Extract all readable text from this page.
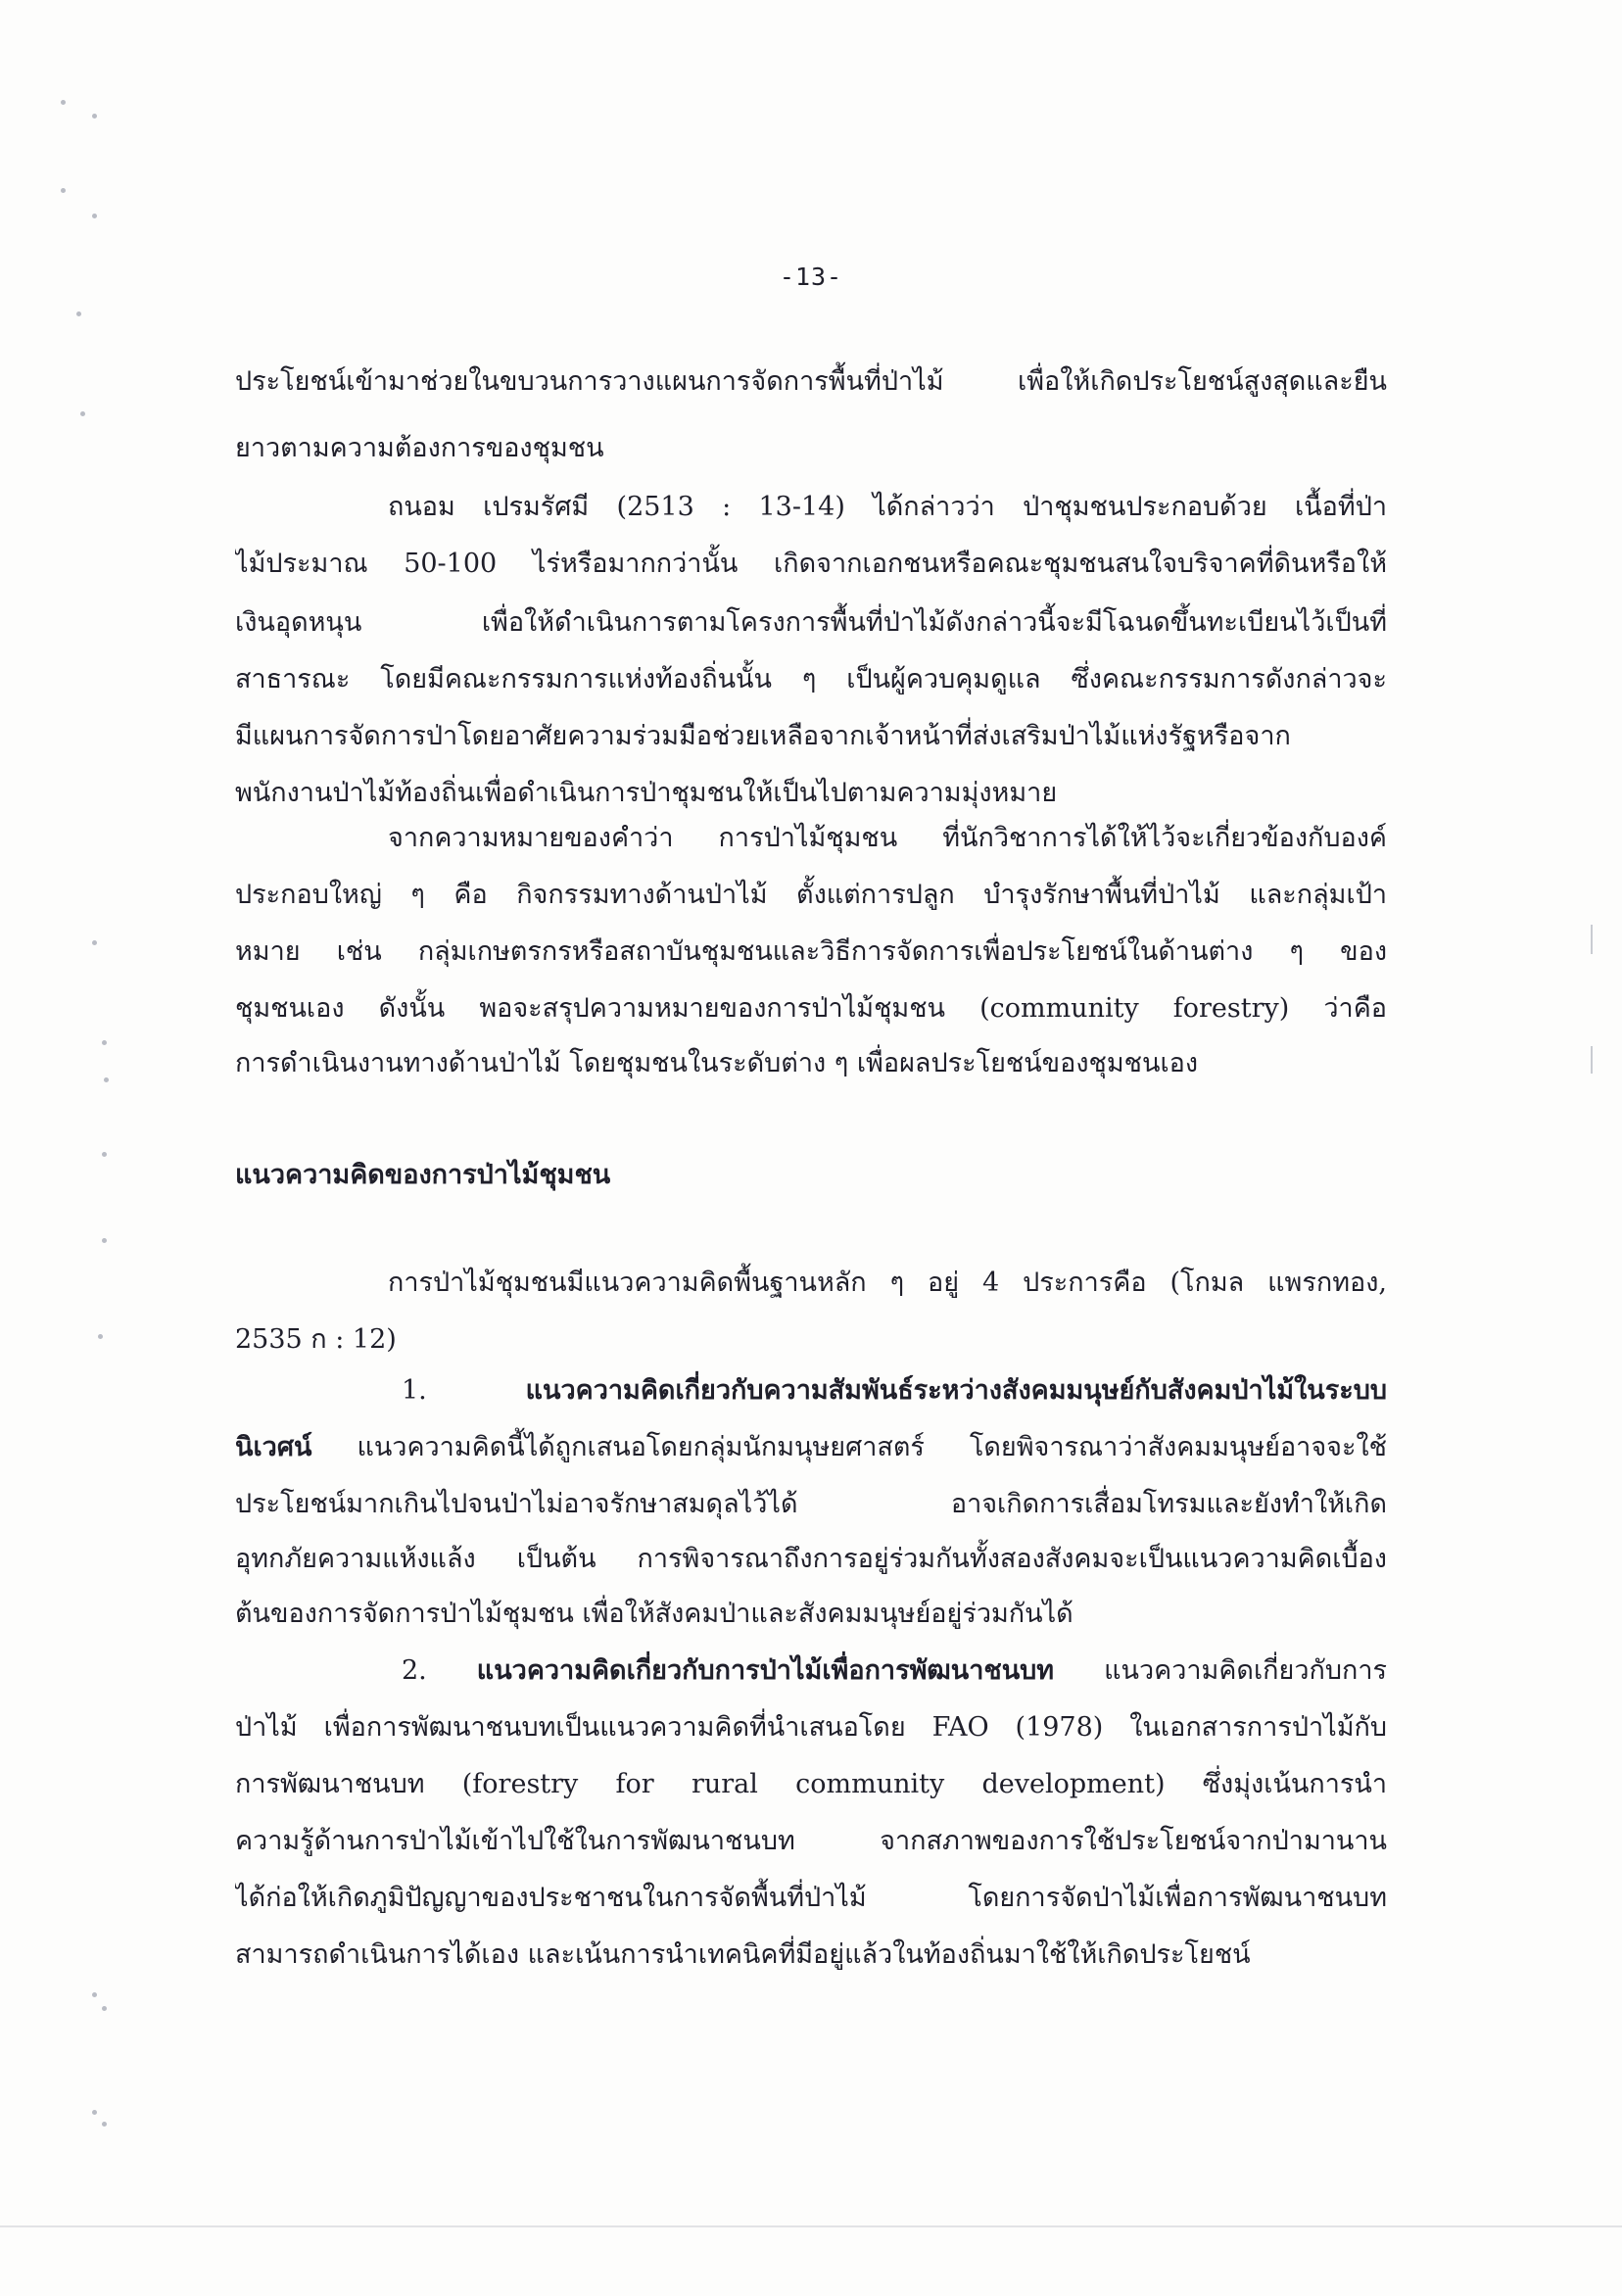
-13-
ประโยชน์เข้ามาช่วยในขบวนการวางแผนการจัดการพื้นที่ป่าไม้ เพื่อให้เกิดประโยชน์สูงสุดและยืน
ยาวตามความต้องการของชุมชน
ถนอม เปรมรัศมี (2513 : 13-14) ได้กล่าวว่า ป่าชุมชนประกอบด้วย เนื้อที่ป่า
ไม้ประมาณ 50-100 ไร่หรือมากกว่านั้น เกิดจากเอกชนหรือคณะชุมชนสนใจบริจาคที่ดินหรือให้
เงินอุดหนุน เพื่อให้ดำเนินการตามโครงการพื้นที่ป่าไม้ดังกล่าวนี้จะมีโฉนดขึ้นทะเบียนไว้เป็นที่
สาธารณะ โดยมีคณะกรรมการแห่งท้องถิ่นนั้น ๆ เป็นผู้ควบคุมดูแล ซึ่งคณะกรรมการดังกล่าวจะ
มีแผนการจัดการป่าโดยอาศัยความร่วมมือช่วยเหลือจากเจ้าหน้าที่ส่งเสริมป่าไม้แห่งรัฐหรือจาก
พนักงานป่าไม้ท้องถิ่นเพื่อดำเนินการป่าชุมชนให้เป็นไปตามความมุ่งหมาย
จากความหมายของคำว่า การป่าไม้ชุมชน ที่นักวิชาการได้ให้ไว้จะเกี่ยวข้องกับองค์
ประกอบใหญ่ ๆ คือ กิจกรรมทางด้านป่าไม้ ตั้งแต่การปลูก บำรุงรักษาพื้นที่ป่าไม้ และกลุ่มเป้า
หมาย เช่น กลุ่มเกษตรกรหรือสถาบันชุมชนและวิธีการจัดการเพื่อประโยชน์ในด้านต่าง ๆ ของ
ชุมชนเอง ดังนั้น พอจะสรุปความหมายของการป่าไม้ชุมชน (community forestry) ว่าคือ
การดำเนินงานทางด้านป่าไม้ โดยชุมชนในระดับต่าง ๆ เพื่อผลประโยชน์ของชุมชนเอง
แนวความคิดของการป่าไม้ชุมชน
การป่าไม้ชุมชนมีแนวความคิดพื้นฐานหลัก ๆ อยู่ 4 ประการคือ (โกมล แพรกทอง,
2535 ก : 12)
1.	แนวความคิดเกี่ยวกับความสัมพันธ์ระหว่างสังคมมนุษย์กับสังคมป่าไม้ในระบบ
นิเวศน์ แนวความคิดนี้ได้ถูกเสนอโดยกลุ่มนักมนุษยศาสตร์ โดยพิจารณาว่าสังคมมนุษย์อาจจะใช้
ประโยชน์มากเกินไปจนป่าไม่อาจรักษาสมดุลไว้ได้ อาจเกิดการเสื่อมโทรมและยังทำให้เกิด
อุทกภัยความแห้งแล้ง เป็นต้น การพิจารณาถึงการอยู่ร่วมกันทั้งสองสังคมจะเป็นแนวความคิดเบื้อง
ต้นของการจัดการป่าไม้ชุมชน เพื่อให้สังคมป่าและสังคมมนุษย์อยู่ร่วมกันได้
2. แนวความคิดเกี่ยวกับการป่าไม้เพื่อการพัฒนาชนบท แนวความคิดเกี่ยวกับการ
ป่าไม้ เพื่อการพัฒนาชนบทเป็นแนวความคิดที่นำเสนอโดย FAO (1978) ในเอกสารการป่าไม้กับ
การพัฒนาชนบท (forestry for rural community development) ซึ่งมุ่งเน้นการนำ
ความรู้ด้านการป่าไม้เข้าไปใช้ในการพัฒนาชนบท จากสภาพของการใช้ประโยชน์จากป่ามานาน
ได้ก่อให้เกิดภูมิปัญญาของประชาชนในการจัดพื้นที่ป่าไม้ โดยการจัดป่าไม้เพื่อการพัฒนาชนบท
สามารถดำเนินการได้เอง และเน้นการนำเทคนิคที่มีอยู่แล้วในท้องถิ่นมาใช้ให้เกิดประโยชน์
